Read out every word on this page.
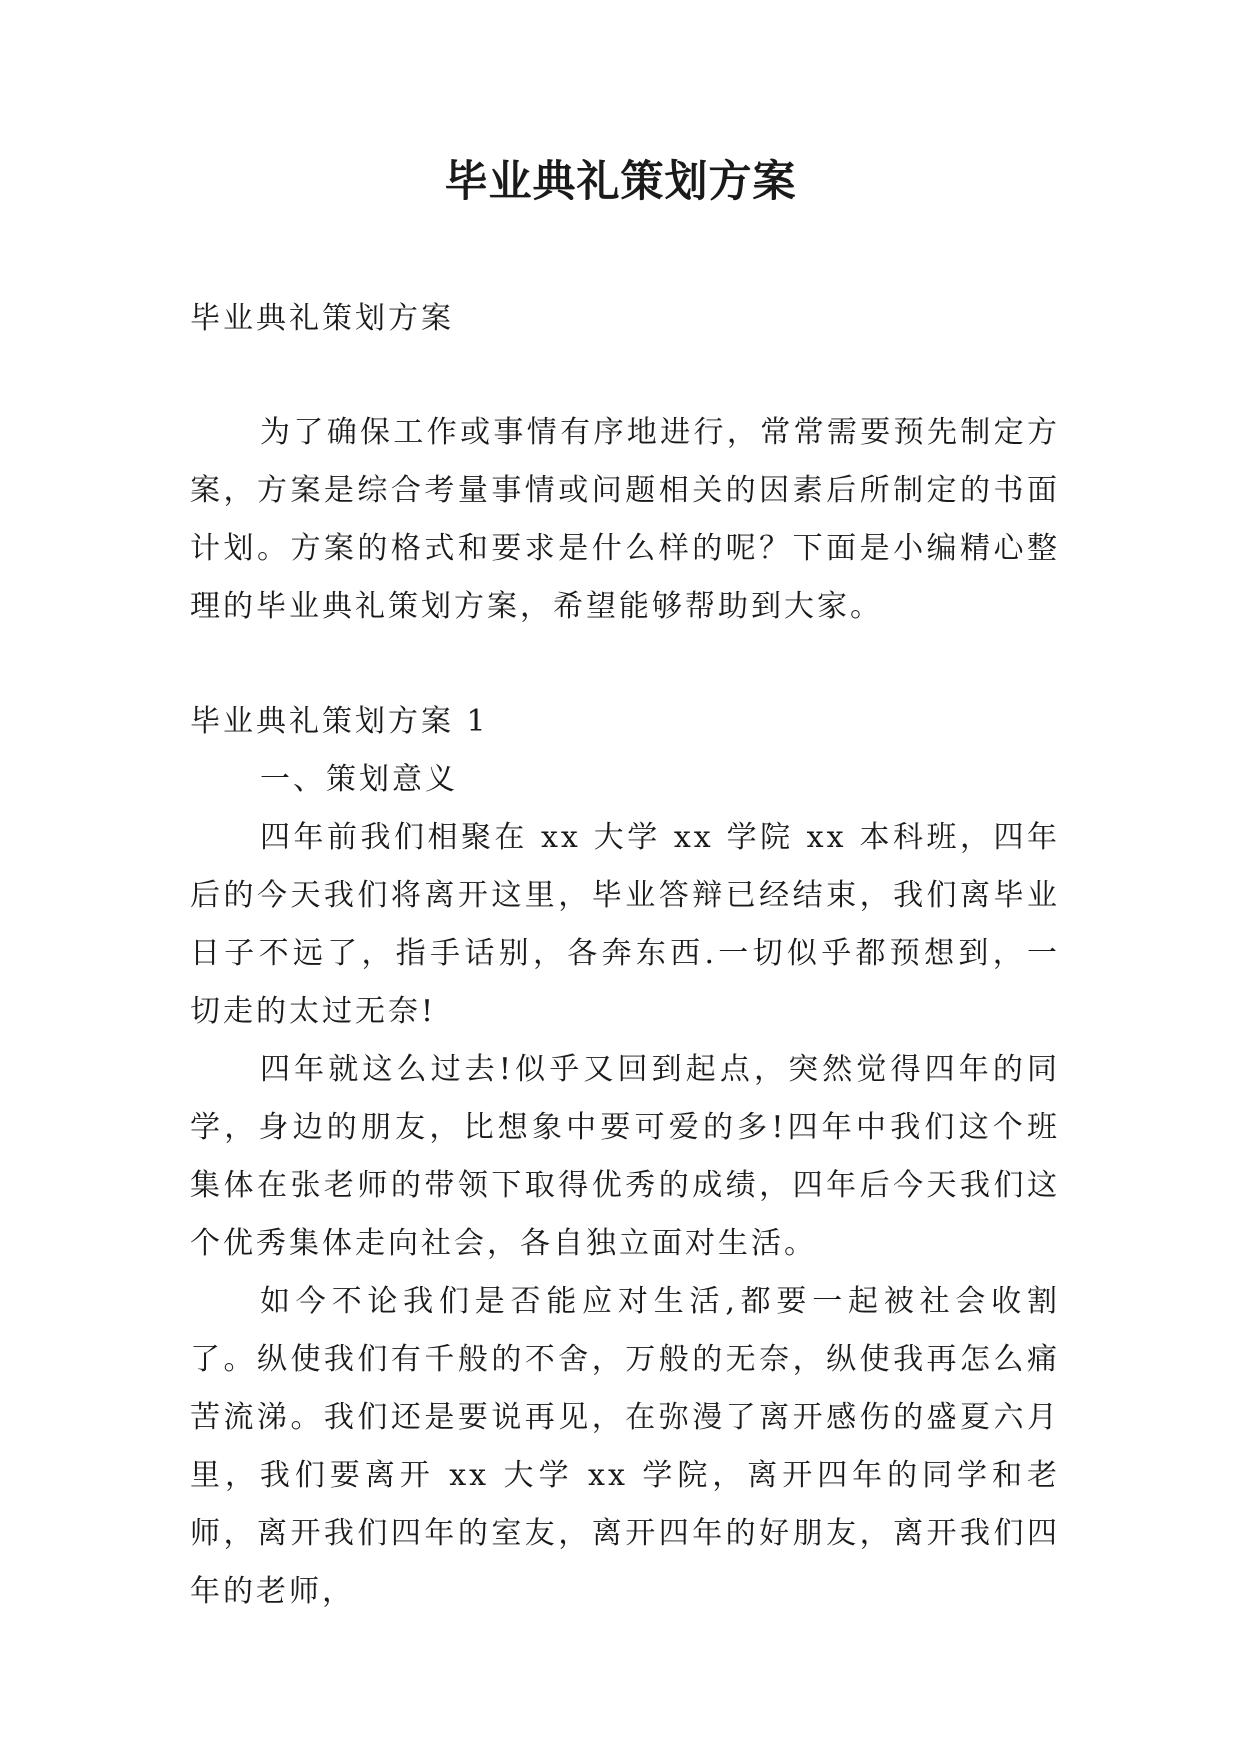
毕业典礼策划方案

毕业典礼策划方案

为了确保工作或事情有序地进行，常常需要预先制定方案，方案是综合考量事情或问题相关的因素后所制定的书面计划。方案的格式和要求是什么样的呢？下面是小编精心整理的毕业典礼策划方案，希望能够帮助到大家。

毕业典礼策划方案 1

一、策划意义

四年前我们相聚在 xx 大学 xx 学院 xx 本科班，四年后的今天我们将离开这里，毕业答辩已经结束，我们离毕业日子不远了，指手话别，各奔东西.一切似乎都预想到，一切走的太过无奈!

四年就这么过去!似乎又回到起点，突然觉得四年的同学，身边的朋友，比想象中要可爱的多!四年中我们这个班集体在张老师的带领下取得优秀的成绩，四年后今天我们这个优秀集体走向社会，各自独立面对生活。

如今不论我们是否能应对生活,都要一起被社会收割了。纵使我们有千般的不舍，万般的无奈，纵使我再怎么痛苦流涕。我们还是要说再见，在弥漫了离开感伤的盛夏六月里，我们要离开 xx 大学 xx 学院，离开四年的同学和老师，离开我们四年的室友，离开四年的好朋友，离开我们四年的老师，
